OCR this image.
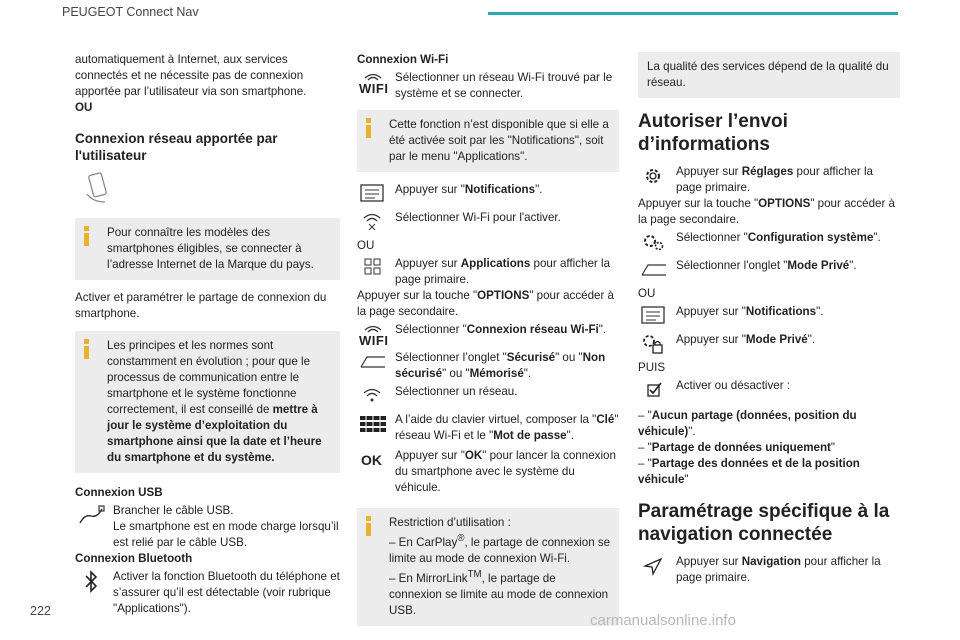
PEUGEOT Connect Nav

automatiquement à Internet, aux services connectés et ne nécessite pas de connexion apportée par l’utilisateur via son smartphone.

OU

Connexion réseau apportée par l'utilisateur
Pour connaître les modèles des smartphones éligibles, se connecter à l’adresse Internet de la Marque du pays.

Activer et paramétrer le partage de connexion du smartphone.

Les principes et les normes sont constamment en évolution ; pour que le processus de communication entre le smartphone et le système fonctionne correctement, il est conseillé de mettre à jour le système d’exploitation du smartphone ainsi que la date et l’heure du smartphone et du système.

Connexion USB

Brancher le câble USB.
Le smartphone est en mode charge lorsqu’il est relié par le câble USB.

Connexion Bluetooth

Activer la fonction Bluetooth du téléphone et s’assurer qu’il est détectable (voir rubrique "Applications").

Connexion Wi-Fi

WIFI
Sélectionner un réseau Wi-Fi trouvé par le système et se connecter.
Cette fonction n’est disponible que si elle a été activée soit par les "Notifications", soit par le menu "Applications".
Appuyer sur "Notifications".
Sélectionner Wi-Fi pour l'activer.

OU

Appuyer sur Applications pour afficher la page primaire.

Appuyer sur la touche "OPTIONS" pour accéder à la page secondaire.

WIFI
Sélectionner "Connexion réseau Wi-Fi".
Sélectionner l’onglet "Sécurisé" ou "Non sécurisé" ou "Mémorisé".
Sélectionner un réseau.
A l’aide du clavier virtuel, composer la "Clé" réseau Wi-Fi et le "Mot de passe".
OK Appuyer sur "OK" pour lancer la connexion du smartphone avec le système du véhicule.
Restriction d’utilisation :
– En CarPlay®, le partage de connexion se limite au mode de connexion Wi-Fi.
– En MirrorLink™, le partage de connexion se limite au mode de connexion USB.
La qualité des services dépend de la qualité du réseau.
Autoriser l’envoi d’informations
Appuyer sur Réglages pour afficher la page primaire.

Appuyer sur la touche "OPTIONS" pour accéder à la page secondaire.

Sélectionner "Configuration système".
Sélectionner l'onglet "Mode Privé".

OU

Appuyer sur "Notifications".
Appuyer sur "Mode Privé".

PUIS

Activer ou désactiver :

– "Aucun partage (données, position du véhicule)".

– "Partage de données uniquement"

– "Partage des données et de la position véhicule"

Paramétrage spécifique à la navigation connectée
Appuyer sur Navigation pour afficher la page primaire.
222
carmanualsonline.info
